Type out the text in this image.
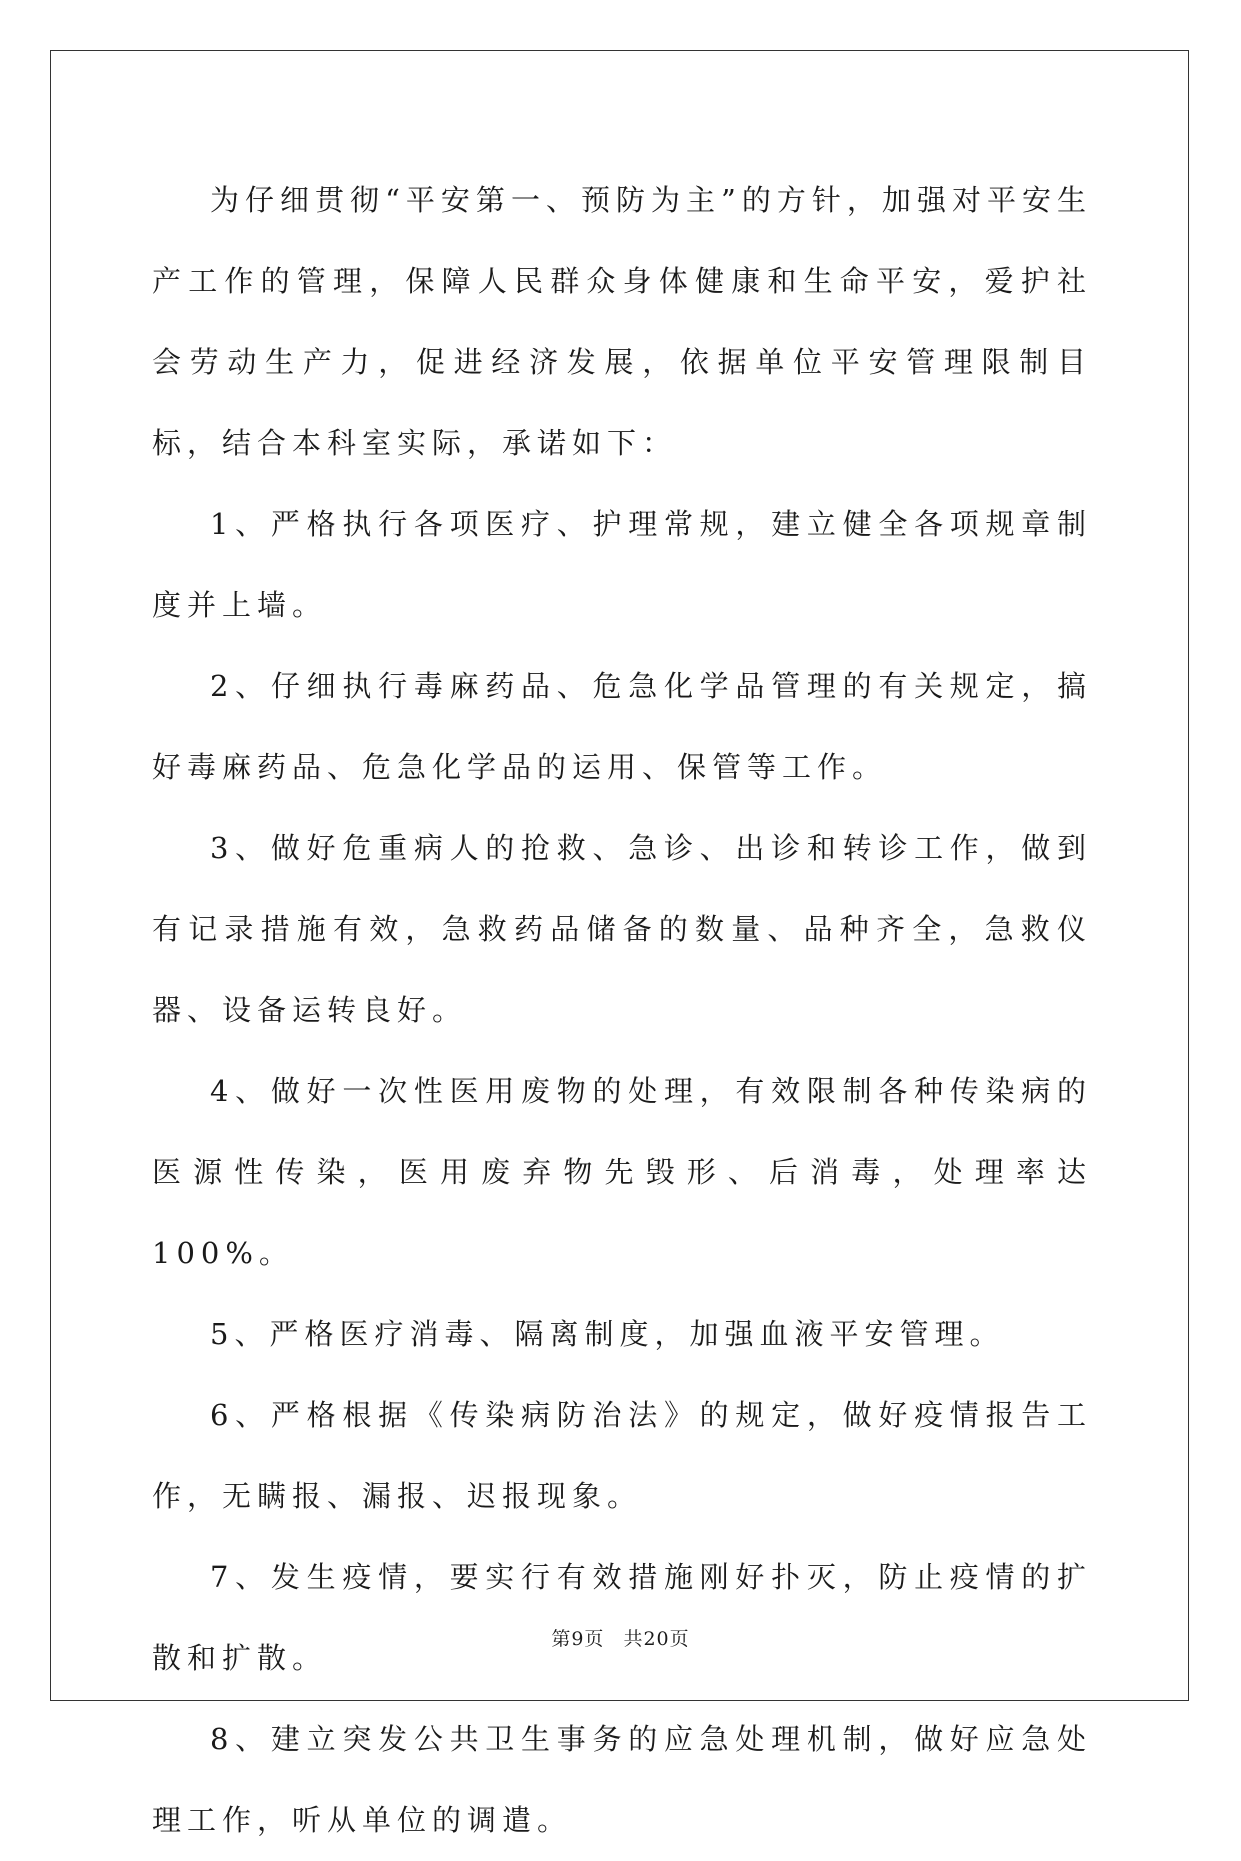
为仔细贯彻“平安第一、预防为主”的方针，加强对平安生产工作的管理，保障人民群众身体健康和生命平安，爱护社会劳动生产力，促进经济发展，依据单位平安管理限制目标，结合本科室实际，承诺如下：

1、严格执行各项医疗、护理常规，建立健全各项规章制度并上墙。

2、仔细执行毒麻药品、危急化学品管理的有关规定，搞好毒麻药品、危急化学品的运用、保管等工作。

3、做好危重病人的抢救、急诊、出诊和转诊工作，做到有记录措施有效，急救药品储备的数量、品种齐全，急救仪器、设备运转良好。

4、做好一次性医用废物的处理，有效限制各种传染病的医源性传染，医用废弃物先毁形、后消毒，处理率达100%。

5、严格医疗消毒、隔离制度，加强血液平安管理。

6、严格根据《传染病防治法》的规定，做好疫情报告工作，无瞒报、漏报、迟报现象。

7、发生疫情，要实行有效措施刚好扑灭，防止疫情的扩散和扩散。

8、建立突发公共卫生事务的应急处理机制，做好应急处理工作，听从单位的调遣。

第9页 共20页
